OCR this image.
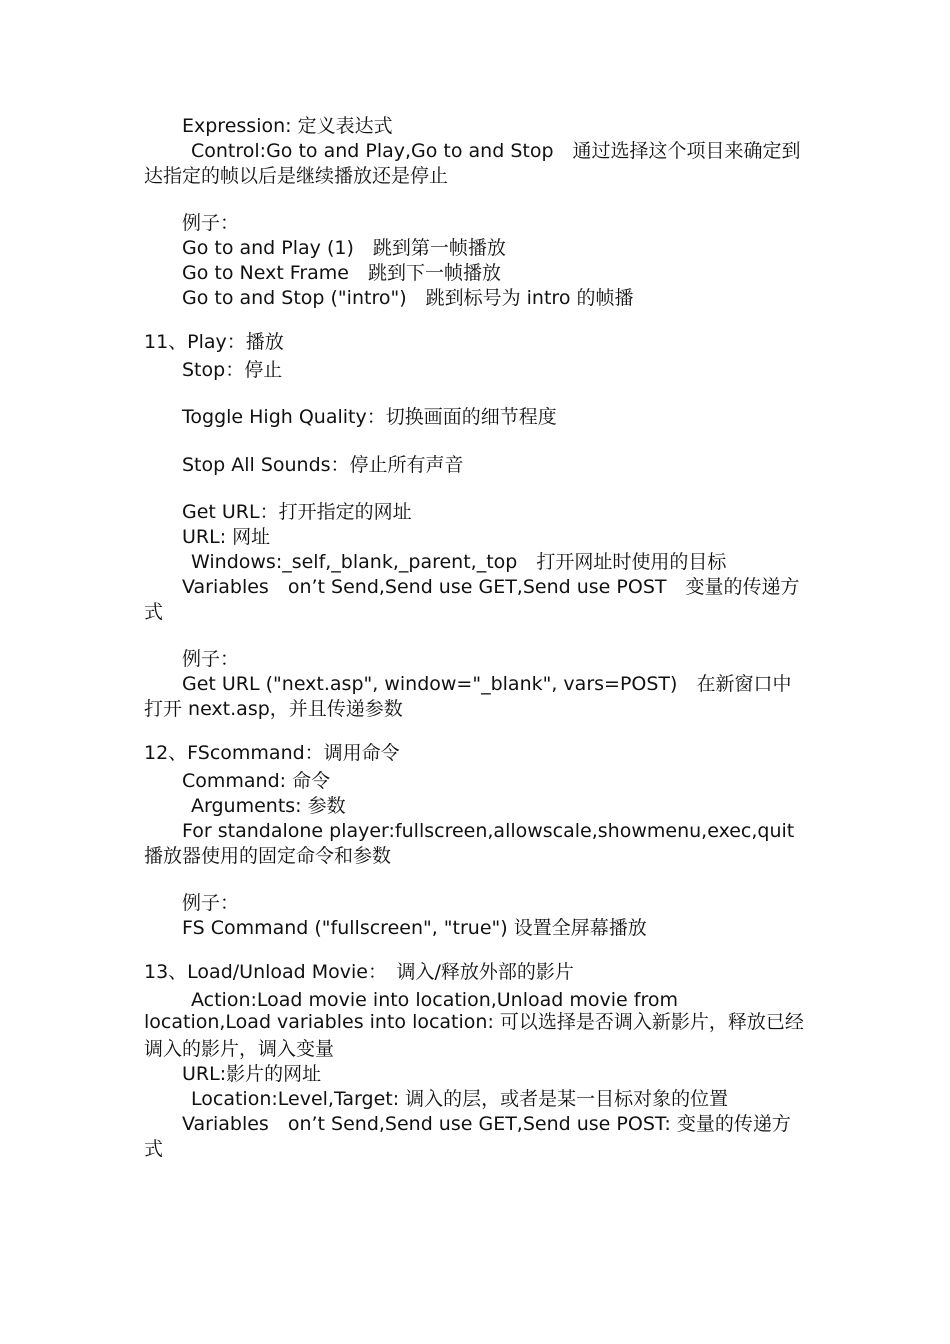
Expression: 定义表达式
Control:Go to and Play,Go to and Stop　通过选择这个项目来确定到
达指定的帧以后是继续播放还是停止
例子：
Go to and Play (1)　跳到第一帧播放
Go to Next Frame　跳到下一帧播放
Go to and Stop ("intro")　跳到标号为 intro 的帧播
11、Play：播放
Stop：停止
Toggle High Quality：切换画面的细节程度
Stop All Sounds：停止所有声音
Get URL：打开指定的网址
URL: 网址
Windows:_self,_blank,_parent,_top　打开网址时使用的目标
Variables　on’t Send,Send use GET,Send use POST　变量的传递方
式
例子：
Get URL ("next.asp", window="_blank", vars=POST)　在新窗口中
打开 next.asp，并且传递参数
12、FScommand：调用命令
Command: 命令
Arguments: 参数
For standalone player:fullscreen,allowscale,showmenu,exec,quit
播放器使用的固定命令和参数
例子：
FS Command ("fullscreen", "true") 设置全屏幕播放
13、Load/Unload Movie：　调入/释放外部的影片
Action:Load movie into location,Unload movie from
location,Load variables into location: 可以选择是否调入新影片，释放已经
调入的影片，调入变量
URL:影片的网址
Location:Level,Target: 调入的层，或者是某一目标对象的位置
Variables　on’t Send,Send use GET,Send use POST: 变量的传递方
式
